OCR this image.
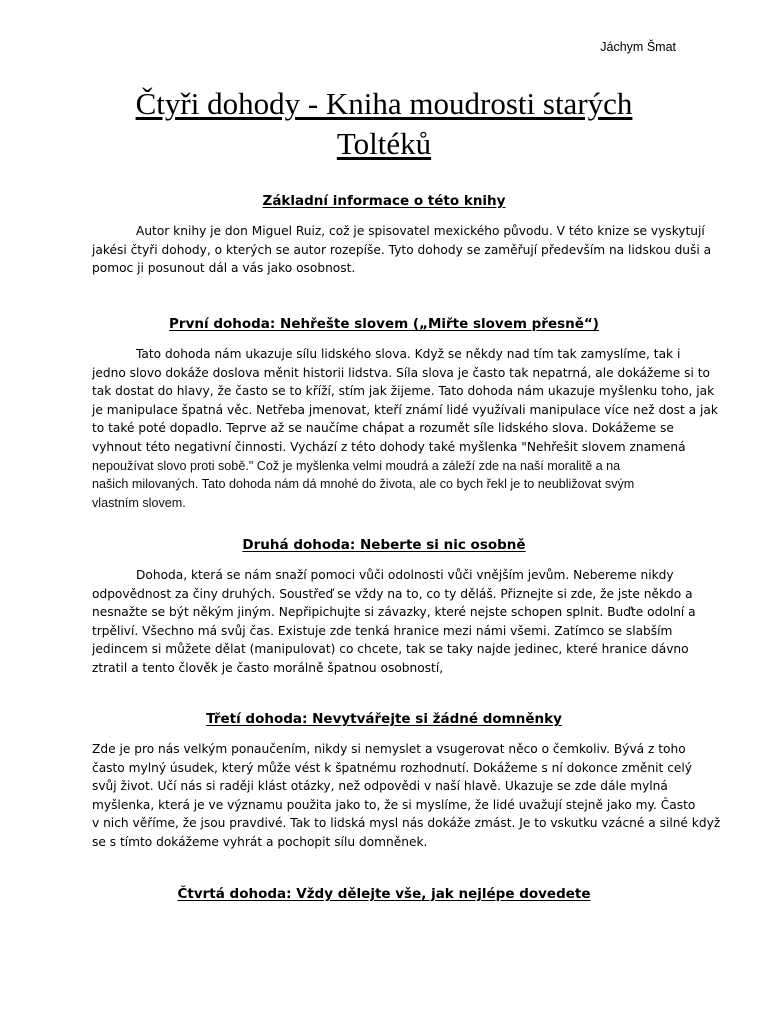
Jáchym Šmat
Čtyři dohody - Kniha moudrosti starých
Toltéků
Základní informace o této knihy
Autor knihy je don Miguel Ruiz, což je spisovatel mexického původu. V této knize se vyskytují
jakési čtyři dohody, o kterých se autor rozepíše. Tyto dohody se zaměřují především na lidskou duši a
pomoc ji posunout dál a vás jako osobnost.
První dohoda: Nehřešte slovem („Miřte slovem přesně“)
Tato dohoda nám ukazuje sílu lidského slova. Když se někdy nad tím tak zamyslíme, tak i
jedno slovo dokáže doslova měnit historii lidstva. Síla slova je často tak nepatrná, ale dokážeme si to
tak dostat do hlavy, že často se to kříží, stím jak žijeme. Tato dohoda nám ukazuje myšlenku toho, jak
je manipulace špatná věc. Netřeba jmenovat, kteří známí lidé využívali manipulace více než dost a jak
to také poté dopadlo. Teprve až se naučíme chápat a rozumět síle lidského slova. Dokážeme se
vyhnout této negativní činnosti. Vychází z této dohody také myšlenka "Nehřešit slovem znamená
nepoužívat slovo proti sobě." Což je myšlenka velmi moudrá a záleží zde na naší moralitě a na
našich milovaných. Tato dohoda nám dá mnohé do života, ale co bych řekl je to neubližovat svým
vlastním slovem.
Druhá dohoda: Neberte si nic osobně
Dohoda, která se nám snaží pomoci vůči odolnosti vůči vnějším jevům. Nebereme nikdy
odpovědnost za činy druhých. Soustřeď se vždy na to, co ty děláš. Přiznejte si zde, že jste někdo a
nesnažte se být někým jiným. Nepřipichujte si závazky, které nejste schopen splnit. Buďte odolní a
trpěliví. Všechno má svůj čas. Existuje zde tenká hranice mezi námi všemi. Zatímco se slabším
jedincem si můžete dělat (manipulovat) co chcete, tak se taky najde jedinec, které hranice dávno
ztratil a tento člověk je často morálně špatnou osobností,
Třetí dohoda: Nevytvářejte si žádné domněnky
Zde je pro nás velkým ponaučením, nikdy si nemyslet a vsugerovat něco o čemkoliv. Bývá z toho
často mylný úsudek, který může vést k špatnému rozhodnutí. Dokážeme s ní dokonce změnit celý
svůj život. Učí nás si raději klást otázky, než odpovědi v naší hlavě. Ukazuje se zde dále mylná
myšlenka, která je ve významu použita jako to, že si myslíme, že lidé uvažují stejně jako my. Často
v nich věříme, že jsou pravdivé. Tak to lidská mysl nás dokáže zmást. Je to vskutku vzácné a silné když
se s tímto dokážeme vyhrát a pochopit sílu domněnek.
Čtvrtá dohoda: Vždy dělejte vše, jak nejlépe dovedete
